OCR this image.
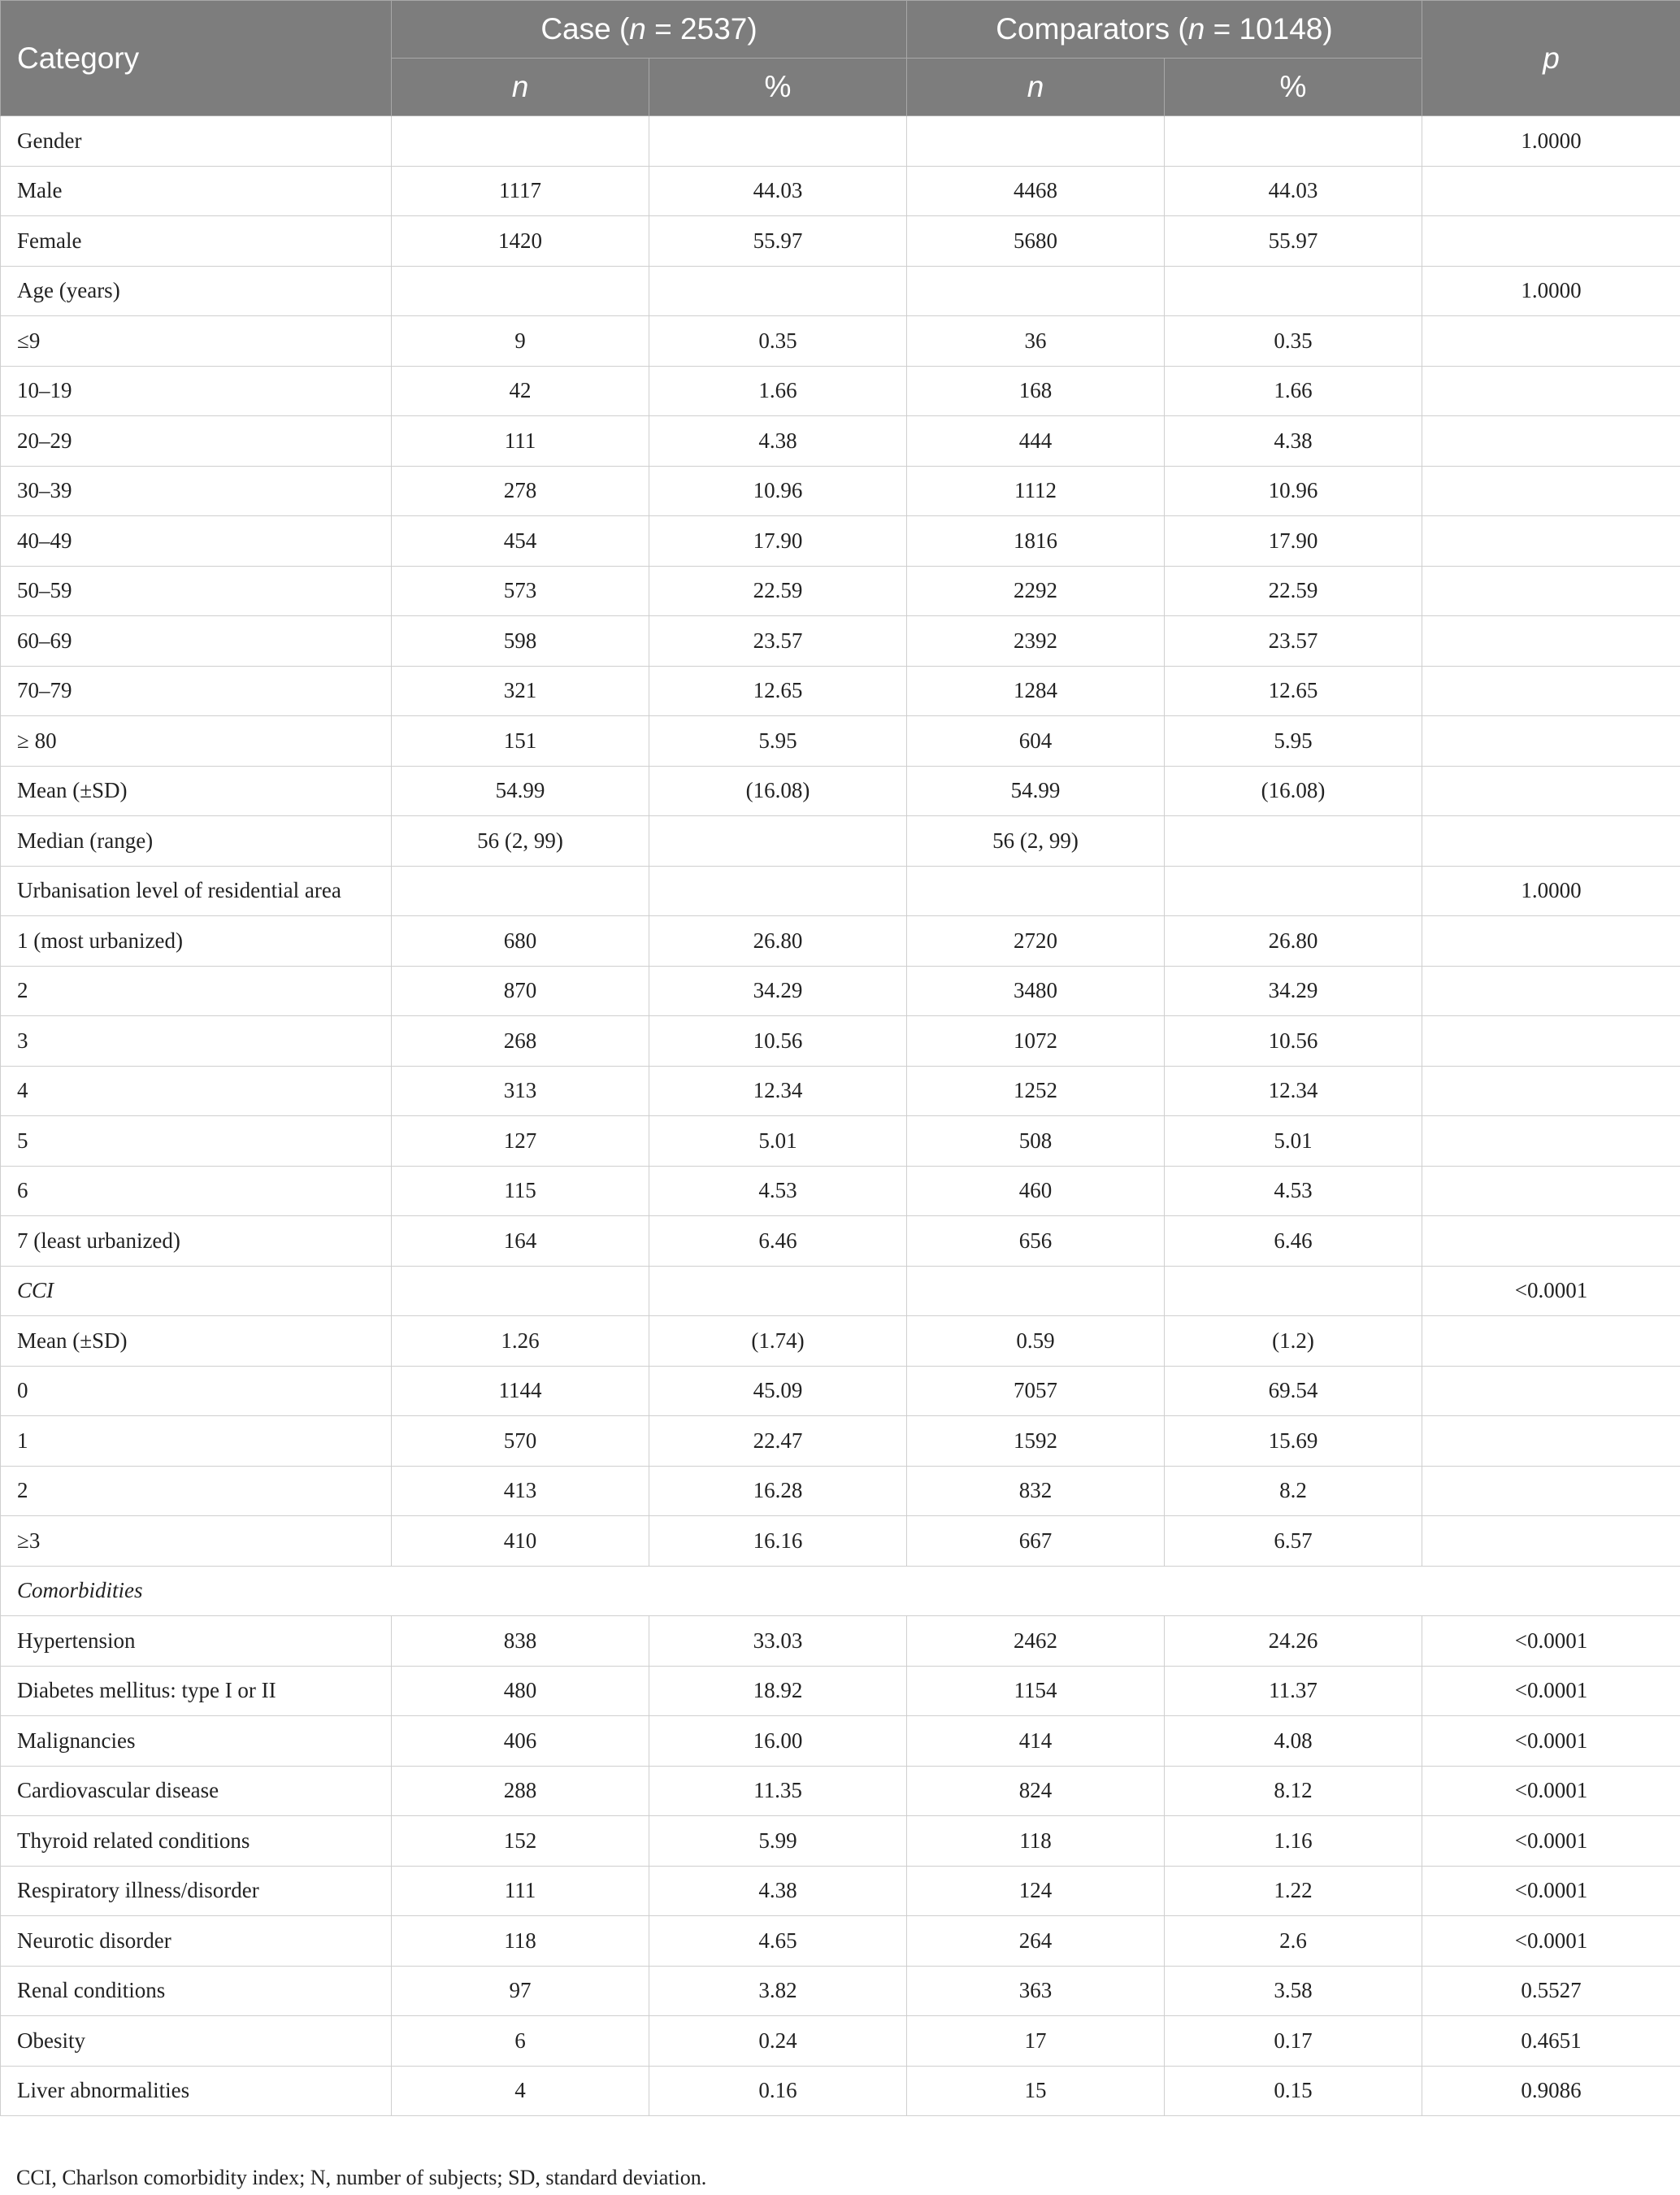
Category	Case (n = 2537)		Comparators (n = 10148)		p
	n	%	n	%	
Gender					1.0000
Male	1117	44.03	4468	44.03	
Female	1420	55.97	5680	55.97	
Age (years)					1.0000
≤9	9	0.35	36	0.35	
10–19	42	1.66	168	1.66	
20–29	111	4.38	444	4.38	
30–39	278	10.96	1112	10.96	
40–49	454	17.90	1816	17.90	
50–59	573	22.59	2292	22.59	
60–69	598	23.57	2392	23.57	
70–79	321	12.65	1284	12.65	
≥ 80	151	5.95	604	5.95	
Mean (±SD)	54.99	(16.08)	54.99	(16.08)	
Median (range)	56 (2, 99)		56 (2, 99)		
Urbanisation level of residential area					1.0000
1 (most urbanized)	680	26.80	2720	26.80	
2	870	34.29	3480	34.29	
3	268	10.56	1072	10.56	
4	313	12.34	1252	12.34	
5	127	5.01	508	5.01	
6	115	4.53	460	4.53	
7 (least urbanized)	164	6.46	656	6.46	
CCI					<0.0001
Mean (±SD)	1.26	(1.74)	0.59	(1.2)	
0	1144	45.09	7057	69.54	
1	570	22.47	1592	15.69	
2	413	16.28	832	8.2	
≥3	410	16.16	667	6.57	
Comorbidities					
Hypertension	838	33.03	2462	24.26	<0.0001
Diabetes mellitus: type I or II	480	18.92	1154	11.37	<0.0001
Malignancies	406	16.00	414	4.08	<0.0001
Cardiovascular disease	288	11.35	824	8.12	<0.0001
Thyroid related conditions	152	5.99	118	1.16	<0.0001
Respiratory illness/disorder	111	4.38	124	1.22	<0.0001
Neurotic disorder	118	4.65	264	2.6	<0.0001
Renal conditions	97	3.82	363	3.58	0.5527
Obesity	6	0.24	17	0.17	0.4651
Liver abnormalities	4	0.16	15	0.15	0.9086
CCI, Charlson comorbidity index; N, number of subjects; SD, standard deviation.
